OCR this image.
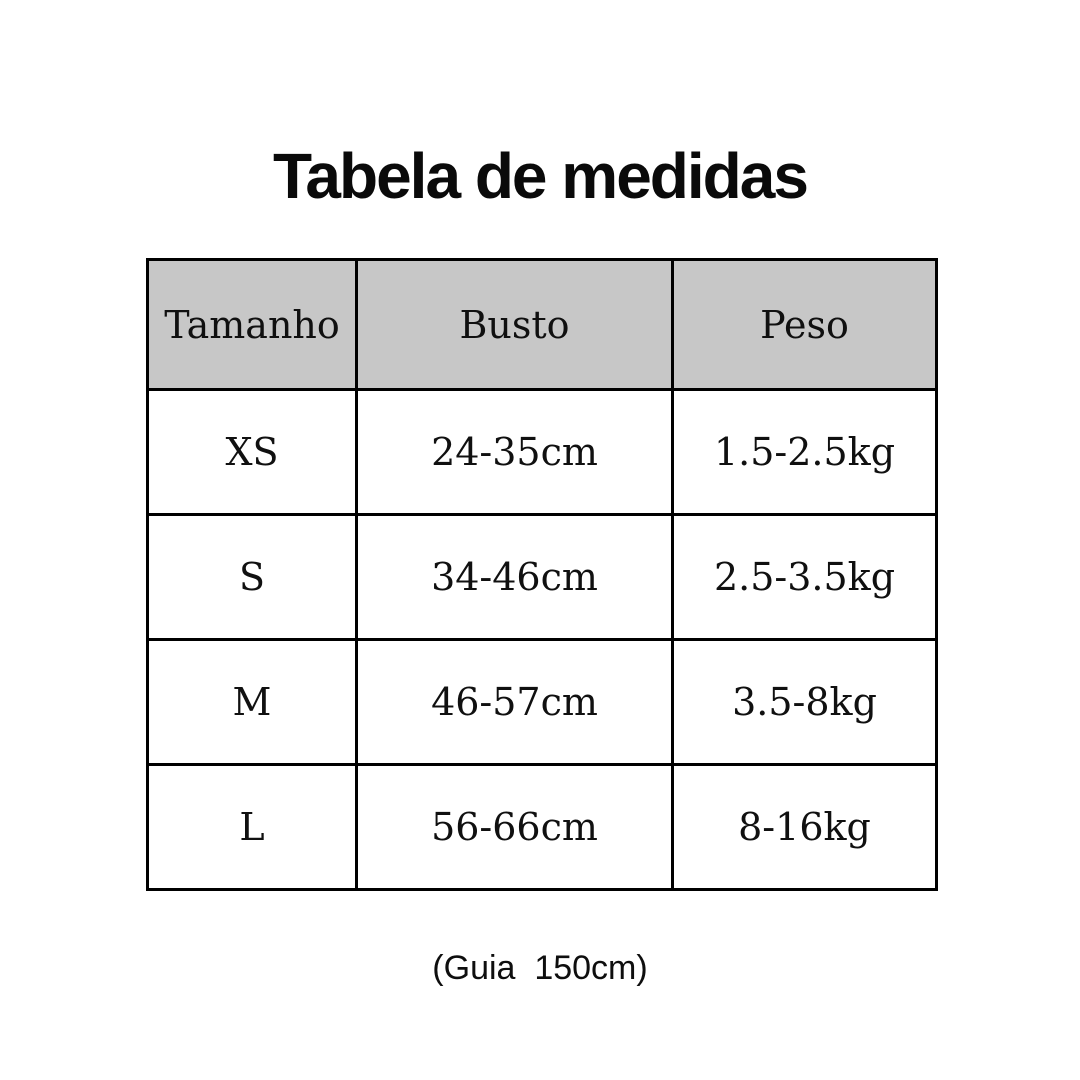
Tabela de medidas
Tamanho	Busto	Peso
XS	24-35cm	1.5-2.5kg
S	34-46cm	2.5-3.5kg
M	46-57cm	3.5-8kg
L	56-66cm	8-16kg
(Guia  150cm)
